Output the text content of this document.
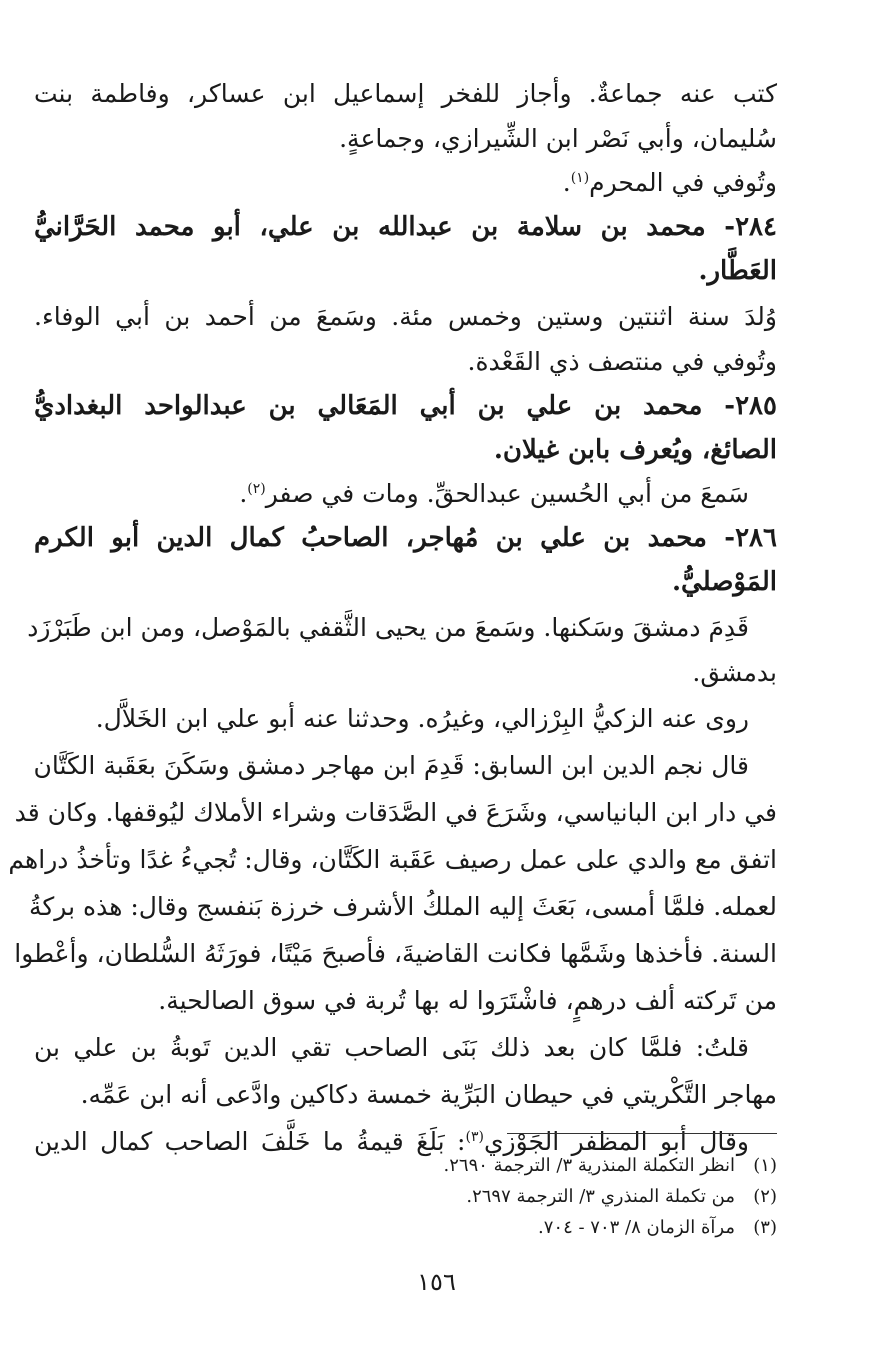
كتب عنه جماعةٌ. وأجاز للفخر إسماعيل ابن عساكر، وفاطمة بنت
سُليمان، وأبي نَصْر ابن الشِّيرازي، وجماعةٍ.
وتُوفي في المحرم$^{(١)}$.
٢٨٤- محمد بن سلامة بن عبدالله بن علي، أبو محمد الحَرَّانيُّ
العَطَّار.
وُلدَ سنة اثنتين وستين وخمس مئة. وسَمعَ من أحمد بن أبي الوفاء.
وتُوفي في منتصف ذي القَعْدة.
٢٨٥- محمد بن علي بن أبي المَعَالي بن عبدالواحد البغداديُّ
الصائغ، ويُعرف بابن غيلان.
سَمعَ من أبي الحُسين عبدالحقِّ. ومات في صفر$^{(٢)}$.
٢٨٦- محمد بن علي بن مُهاجر، الصاحبُ كمال الدين أبو الكرم
المَوْصليُّ.
قَدِمَ دمشقَ وسَكنها. وسَمعَ من يحيى الثَّقفي بالمَوْصل، ومن ابن طَبَرْزَد
بدمشق.
روى عنه الزكيُّ البِرْزالي، وغيرُه. وحدثنا عنه أبو علي ابن الخَلاَّل.
قال نجم الدين ابن السابق: قَدِمَ ابن مهاجر دمشق وسَكَنَ بعَقَبة الكَتَّان
في دار ابن البانياسي، وشَرَعَ في الصَّدَقات وشراء الأملاك ليُوقفها. وكان قد
اتفق مع والدي على عمل رصيف عَقَبة الكَتَّان، وقال: تُجيءُ غدًا وتأخذُ دراهم
لعمله. فلمَّا أمسى، بَعَثَ إليه الملكُ الأشرف خرزة بَنفسج وقال: هذه بركةُ
السنة. فأخذها وشَمَّها فكانت القاضيةَ، فأصبحَ مَيْتًا، فورَثَهُ السُّلطان، وأعْطوا
من تَركته ألف درهمٍ، فاشْتَرَوا له بها تُربة في سوق الصالحية.
قلتُ: فلمَّا كان بعد ذلك بَنَى الصاحب تقي الدين تَوبةُ بن علي بن
مهاجر التَّكْريتي في حيطان البَرِّية خمسة دكاكين وادَّعى أنه ابن عَمِّه.
وقال أبو المظفر الجَوْزي$^{(٣)}$: بَلَغَ قيمةُ ما خَلَّفَ الصاحب كمال الدين
(١)انظر التكملة المنذرية ٣/ الترجمة ٢٦٩٠.
(٢)من تكملة المنذري ٣/ الترجمة ٢٦٩٧.
(٣)مرآة الزمان ٨/ ٧٠٣ - ٧٠٤.
١٥٦
